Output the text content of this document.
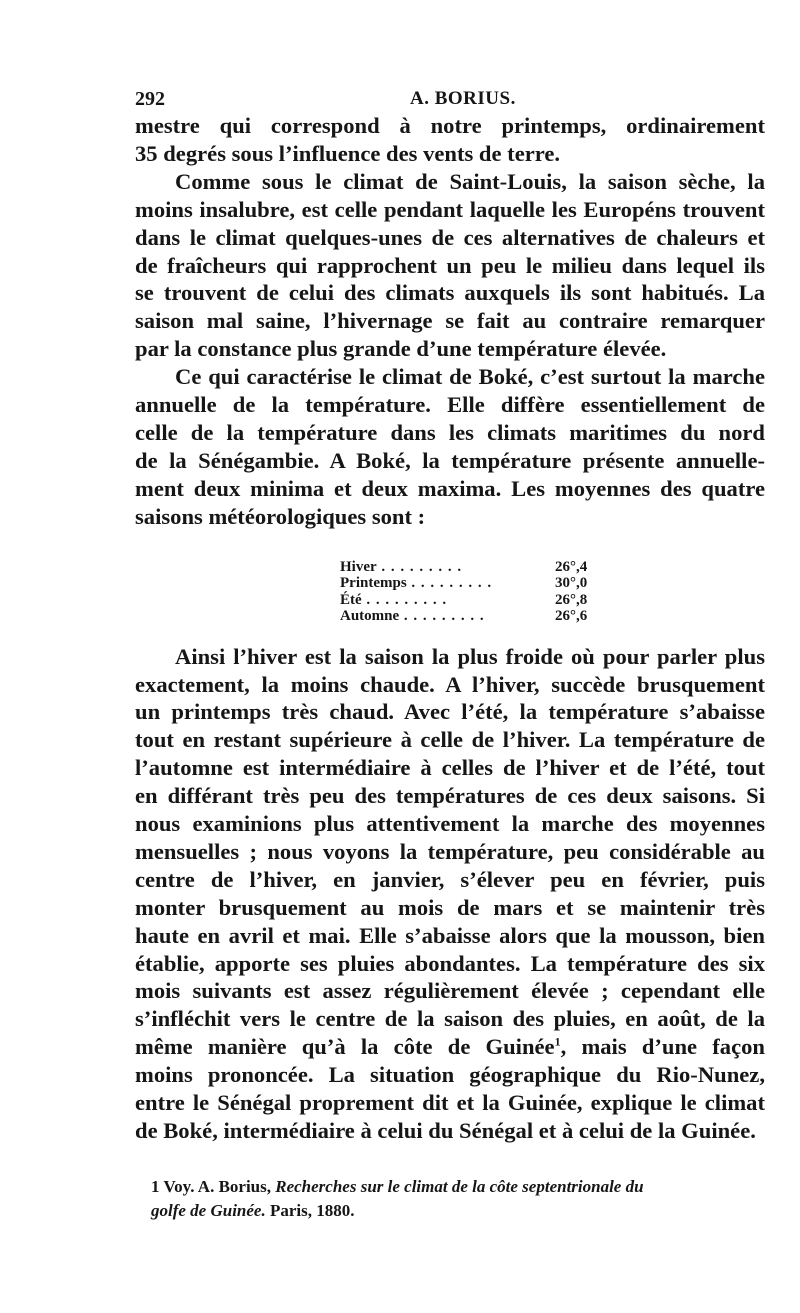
292	A. BORIUS.

mestre qui correspond à notre printemps, ordinairement
35 degrés sous l’influence des vents de terre.

Comme sous le climat de Saint-Louis, la saison sèche, la
moins insalubre, est celle pendant laquelle les Européns trouvent
dans le climat quelques-unes de ces alternatives de chaleurs et
de fraîcheurs qui rapprochent un peu le milieu dans lequel ils
se trouvent de celui des climats auxquels ils sont habitués. La
saison mal saine, l’hivernage se fait au contraire remarquer
par la constance plus grande d’une température élevée.

Ce qui caractérise le climat de Boké, c’est surtout la marche
annuelle de la température. Elle diffère essentiellement de
celle de la température dans les climats maritimes du nord
de la Sénégambie. A Boké, la température présente annuelle-
ment deux minima et deux maxima. Les moyennes des quatre
saisons météorologiques sont :

Hiver . . .	26°,4
Printemps . . .	30°,0
Été . . .	26°,8
Automne . . .	26°,6

Ainsi l’hiver est la saison la plus froide où pour parler plus
exactement, la moins chaude. A l’hiver, succède brusquement
un printemps très chaud. Avec l’été, la température s’abaisse
tout en restant supérieure à celle de l’hiver. La température de
l’automne est intermédiaire à celles de l’hiver et de l’été, tout
en différant très peu des températures de ces deux saisons. Si
nous examinions plus attentivement la marche des moyennes
mensuelles ; nous voyons la température, peu considérable au
centre de l’hiver, en janvier, s’élever peu en février, puis
monter brusquement au mois de mars et se maintenir très
haute en avril et mai. Elle s’abaisse alors que la mousson, bien
établie, apporte ses pluies abondantes. La température des six
mois suivants est assez régulièrement élevée ; cependant elle
s’infléchit vers le centre de la saison des pluies, en août, de la
même manière qu’à la côte de Guinée$^1$, mais d’une façon
moins prononcée. La situation géographique du Rio-Nunez,
entre le Sénégal proprement dit et la Guinée, explique le climat
de Boké, intermédiaire à celui du Sénégal et à celui de la Guinée.

1 Voy. A. Borius, Recherches sur le climat de la côte septentrionale du
golfe de Guinée. Paris, 1880.
